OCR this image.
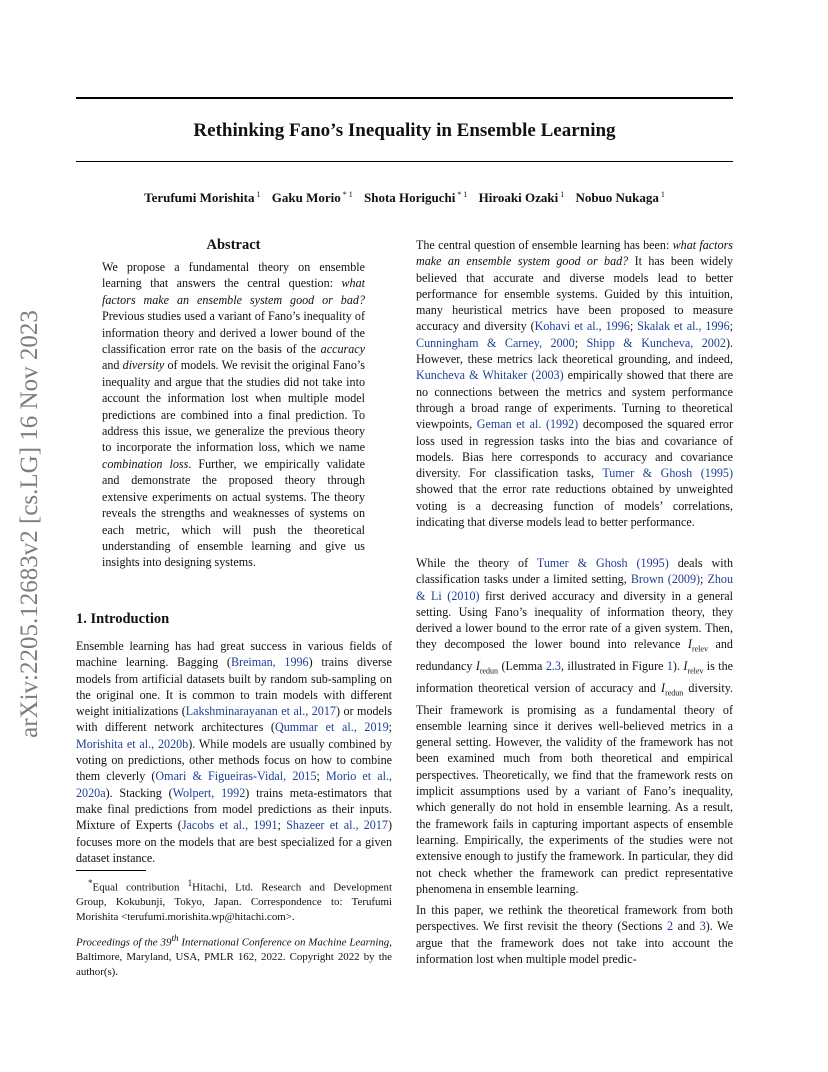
Rethinking Fano’s Inequality in Ensemble Learning
Terufumi Morishita $^1$ Gaku Morio $^{* 1}$ Shota Horiguchi $^{* 1}$ Hiroaki Ozaki $^1$ Nobuo Nukaga $^1$
arXiv:2205.12683v2 [cs.LG] 16 Nov 2023
Abstract

We propose a fundamental theory on ensemble learning that answers the central question: what factors make an ensemble system good or bad? Previous studies used a variant of Fano’s inequality of information theory and derived a lower bound of the classification error rate on the basis of the accuracy and diversity of models. We revisit the original Fano’s inequality and argue that the studies did not take into account the information lost when multiple model predictions are combined into a final prediction. To address this issue, we generalize the previous theory to incorporate the information loss, which we name combination loss. Further, we empirically validate and demonstrate the proposed theory through extensive experiments on actual systems. The theory reveals the strengths and weaknesses of systems on each metric, which will push the theoretical understanding of ensemble learning and give us insights into designing systems.

1. Introduction

Ensemble learning has had great success in various fields of machine learning. Bagging (Breiman, 1996) trains diverse models from artificial datasets built by random sub-sampling on the original one. It is common to train models with different weight initializations (Lakshminarayanan et al., 2017) or models with different network architectures (Qummar et al., 2019; Morishita et al., 2020b). While models are usually combined by voting on predictions, other methods focus on how to combine them cleverly (Omari & Figueiras-Vidal, 2015; Morio et al., 2020a). Stacking (Wolpert, 1992) trains meta-estimators that make final predictions from model predictions as their inputs. Mixture of Experts (Jacobs et al., 1991; Shazeer et al., 2017) focuses more on the models that are best specialized for a given dataset instance.

*Equal contribution $^1$Hitachi, Ltd. Research and Development Group, Kokubunji, Tokyo, Japan. Correspondence to: Terufumi Morishita <terufumi.morishita.wp@hitachi.com>.

Proceedings of the 39th International Conference on Machine Learning, Baltimore, Maryland, USA, PMLR 162, 2022. Copyright 2022 by the author(s).

The central question of ensemble learning has been: what factors make an ensemble system good or bad? It has been widely believed that accurate and diverse models lead to better performance for ensemble systems. Guided by this intuition, many heuristical metrics have been proposed to measure accuracy and diversity (Kohavi et al., 1996; Skalak et al., 1996; Cunningham & Carney, 2000; Shipp & Kuncheva, 2002). However, these metrics lack theoretical grounding, and indeed, Kuncheva & Whitaker (2003) empirically showed that there are no connections between the metrics and system performance through a broad range of experiments. Turning to theoretical viewpoints, Geman et al. (1992) decomposed the squared error loss used in regression tasks into the bias and covariance of models. Bias here corresponds to accuracy and covariance diversity. For classification tasks, Tumer & Ghosh (1995) showed that the error rate reductions obtained by unweighted voting is a decreasing function of models’ correlations, indicating that diverse models lead to better performance.

While the theory of Tumer & Ghosh (1995) deals with classification tasks under a limited setting, Brown (2009); Zhou & Li (2010) first derived accuracy and diversity in a general setting. Using Fano’s inequality of information theory, they derived a lower bound to the error rate of a given system. Then, they decomposed the lower bound into relevance $I_{relev}$ and redundancy $I_{redun}$ (Lemma 2.3, illustrated in Figure 1). $I_{relev}$ is the information theoretical version of accuracy and $I_{redun}$ diversity. Their framework is promising as a fundamental theory of ensemble learning since it derives well-believed metrics in a general setting. However, the validity of the framework has not been examined much from both theoretical and empirical perspectives. Theoretically, we find that the framework rests on implicit assumptions used by a variant of Fano’s inequality, which generally do not hold in ensemble learning. As a result, the framework fails in capturing important aspects of ensemble learning. Empirically, the experiments of the studies were not extensive enough to justify the framework. In particular, they did not check whether the framework can predict representative phenomena in ensemble learning.

In this paper, we rethink the theoretical framework from both perspectives. We first revisit the theory (Sections 2 and 3). We argue that the framework does not take into account the information lost when multiple model predic-
